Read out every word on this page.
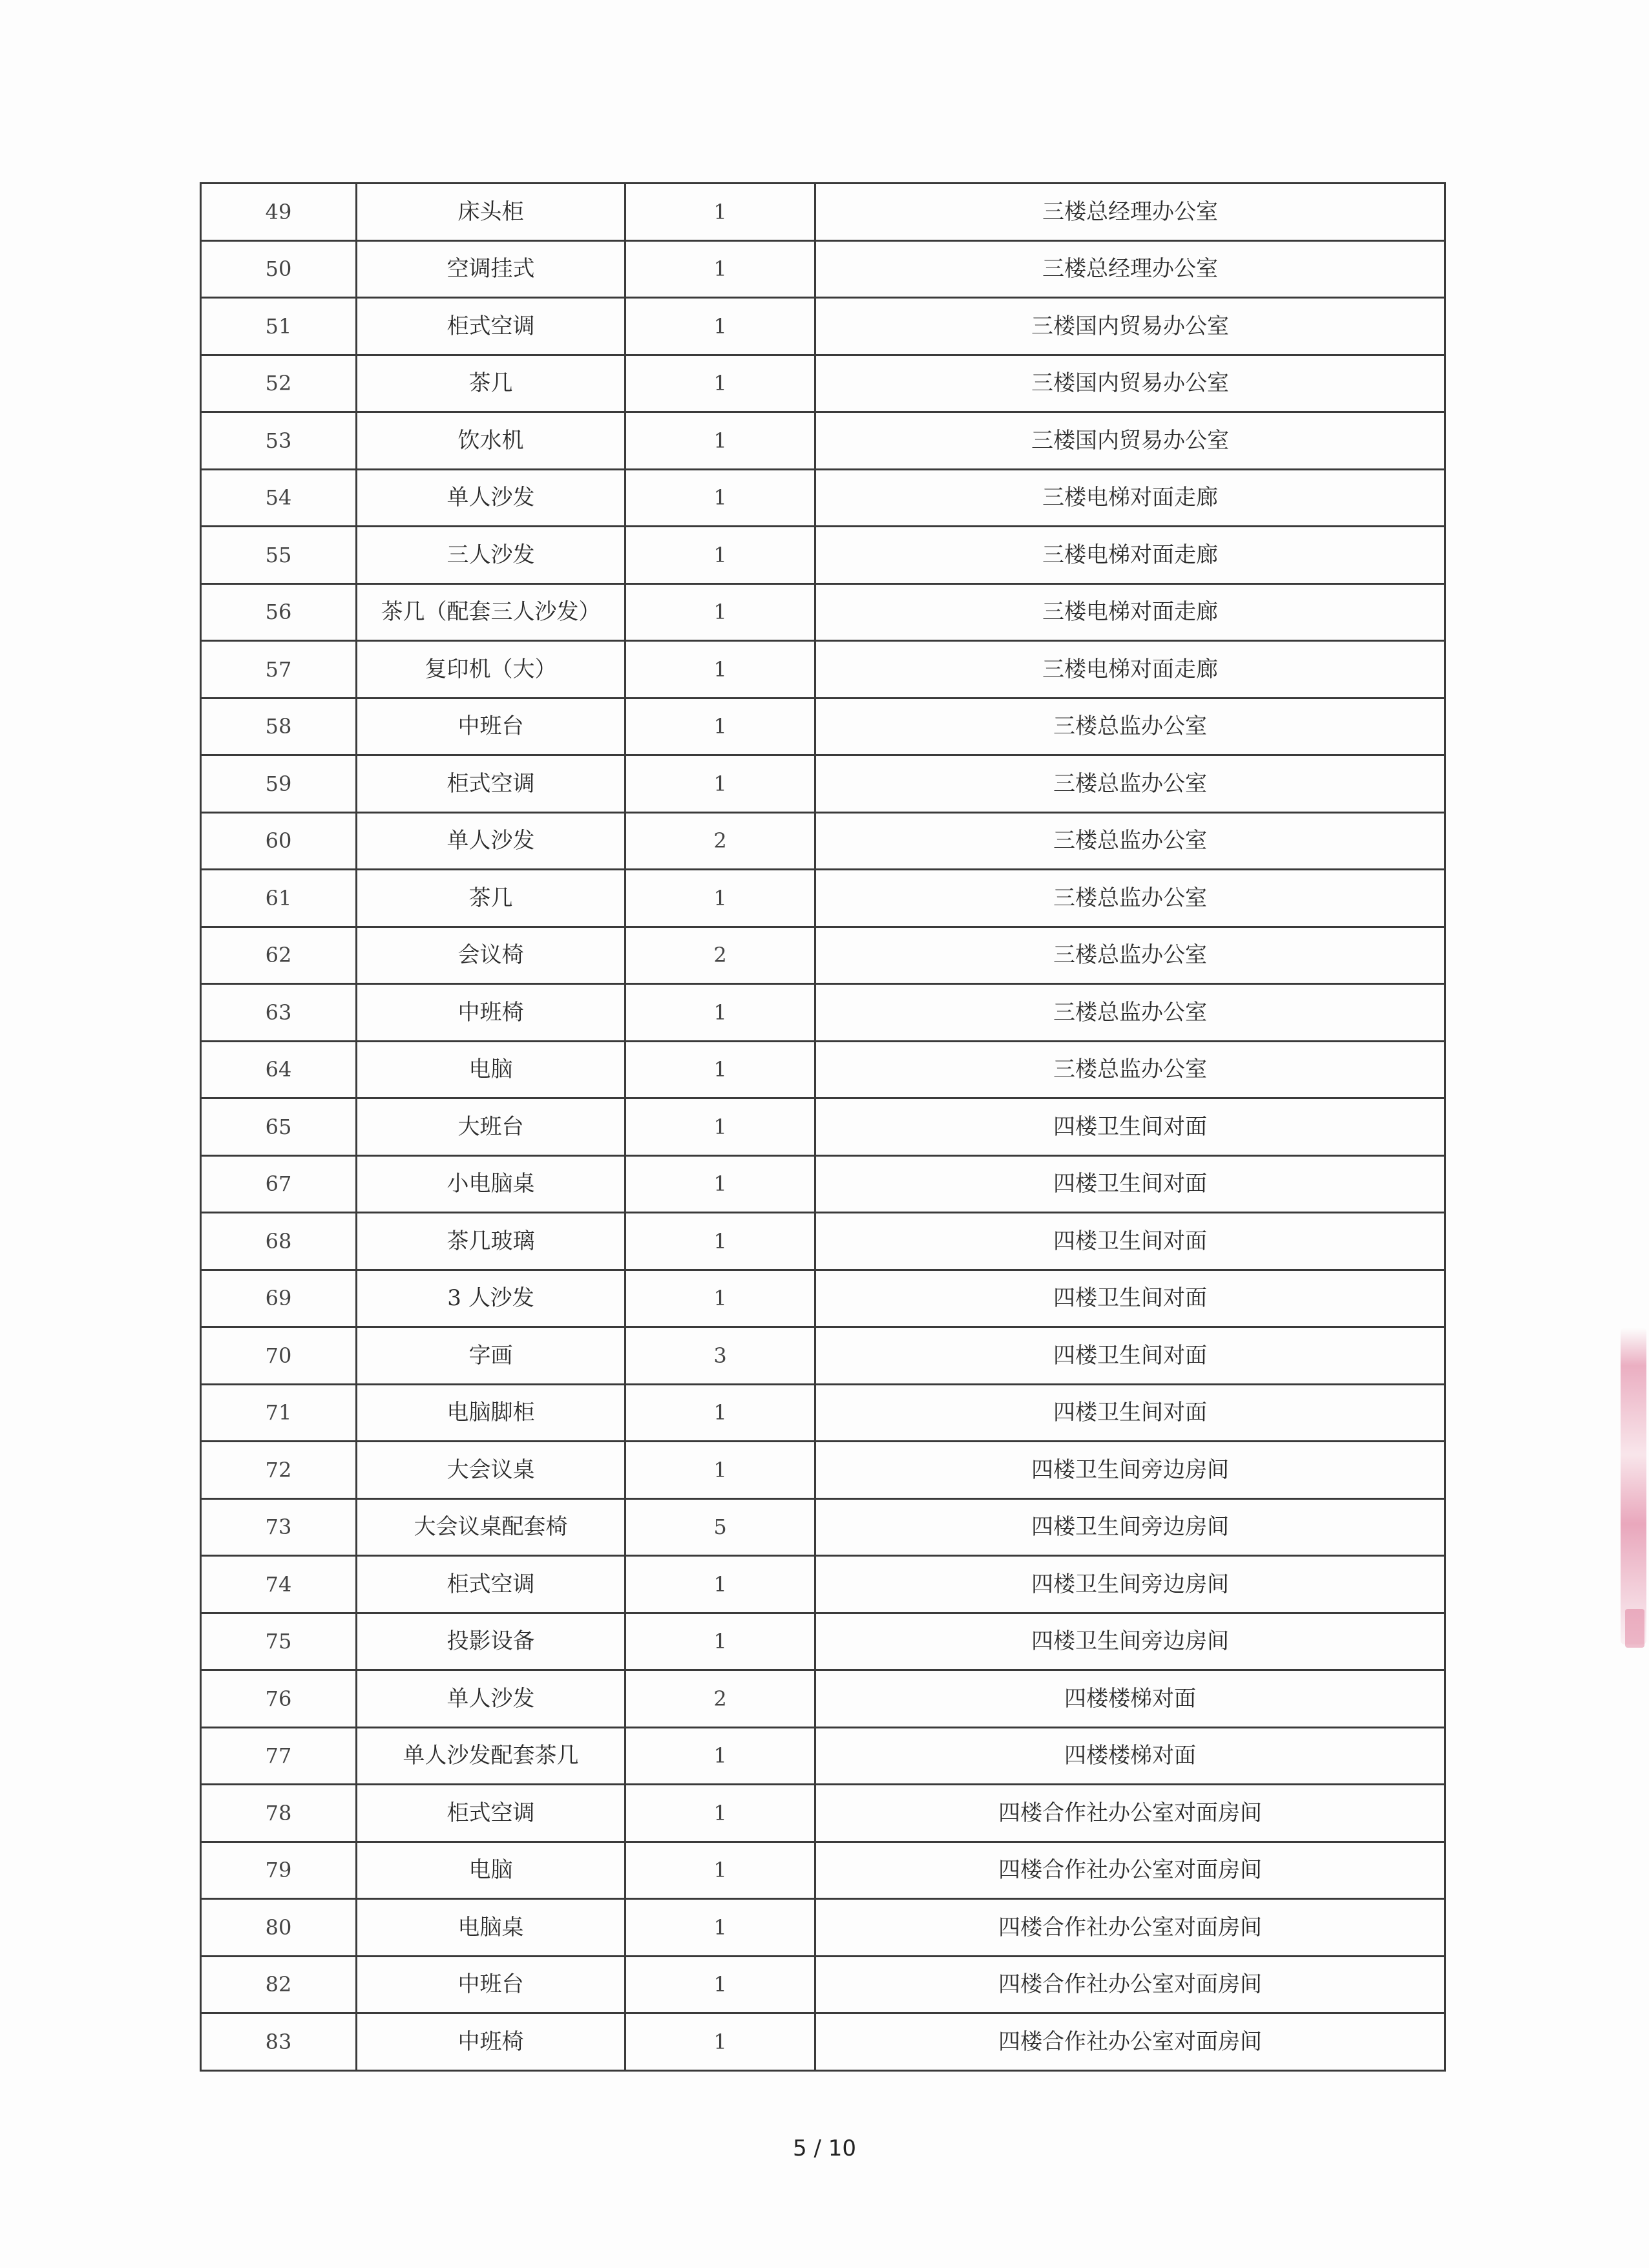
49	床头柜	1	三楼总经理办公室
50	空调挂式	1	三楼总经理办公室
51	柜式空调	1	三楼国内贸易办公室
52	茶几	1	三楼国内贸易办公室
53	饮水机	1	三楼国内贸易办公室
54	单人沙发	1	三楼电梯对面走廊
55	三人沙发	1	三楼电梯对面走廊
56	茶几（配套三人沙发）	1	三楼电梯对面走廊
57	复印机（大）	1	三楼电梯对面走廊
58	中班台	1	三楼总监办公室
59	柜式空调	1	三楼总监办公室
60	单人沙发	2	三楼总监办公室
61	茶几	1	三楼总监办公室
62	会议椅	2	三楼总监办公室
63	中班椅	1	三楼总监办公室
64	电脑	1	三楼总监办公室
65	大班台	1	四楼卫生间对面
67	小电脑桌	1	四楼卫生间对面
68	茶几玻璃	1	四楼卫生间对面
69	3 人沙发	1	四楼卫生间对面
70	字画	3	四楼卫生间对面
71	电脑脚柜	1	四楼卫生间对面
72	大会议桌	1	四楼卫生间旁边房间
73	大会议桌配套椅	5	四楼卫生间旁边房间
74	柜式空调	1	四楼卫生间旁边房间
75	投影设备	1	四楼卫生间旁边房间
76	单人沙发	2	四楼楼梯对面
77	单人沙发配套茶几	1	四楼楼梯对面
78	柜式空调	1	四楼合作社办公室对面房间
79	电脑	1	四楼合作社办公室对面房间
80	电脑桌	1	四楼合作社办公室对面房间
82	中班台	1	四楼合作社办公室对面房间
83	中班椅	1	四楼合作社办公室对面房间
5 / 10
